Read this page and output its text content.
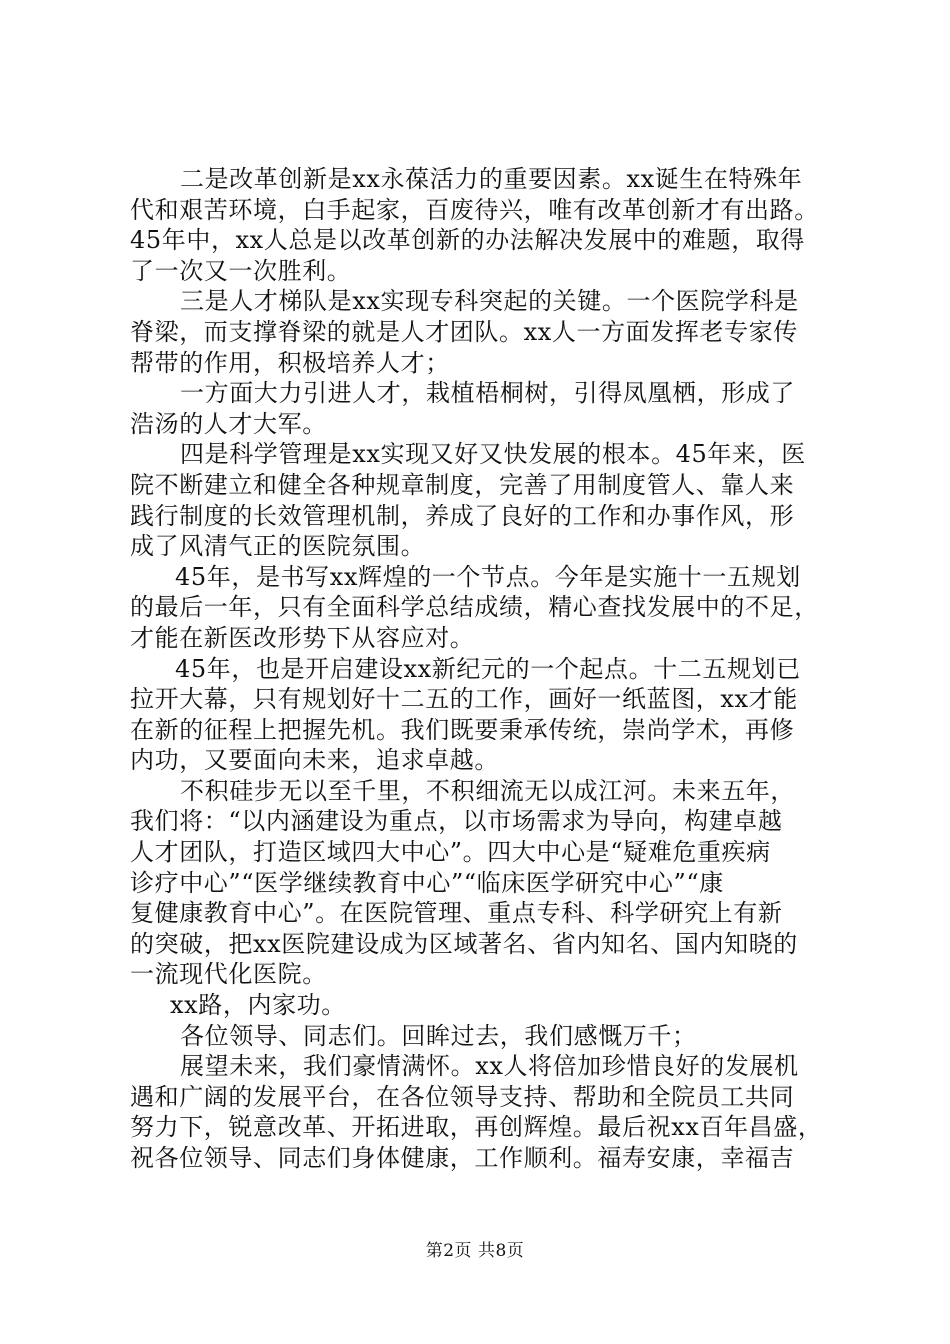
二是改革创新是xx永葆活力的重要因素。xx诞生在特殊年
代和艰苦环境，白手起家，百废待兴，唯有改革创新才有出路。
45年中，xx人总是以改革创新的办法解决发展中的难题，取得
了一次又一次胜利。
三是人才梯队是xx实现专科突起的关键。一个医院学科是
脊梁，而支撑脊梁的就是人才团队。xx人一方面发挥老专家传
帮带的作用，积极培养人才；
一方面大力引进人才，栽植梧桐树，引得凤凰栖，形成了
浩汤的人才大军。
四是科学管理是xx实现又好又快发展的根本。45年来，医
院不断建立和健全各种规章制度，完善了用制度管人、靠人来
践行制度的长效管理机制，养成了良好的工作和办事作风，形
成了风清气正的医院氛围。
45年，是书写xx辉煌的一个节点。今年是实施十一五规划
的最后一年，只有全面科学总结成绩，精心查找发展中的不足，
才能在新医改形势下从容应对。
45年，也是开启建设xx新纪元的一个起点。十二五规划已
拉开大幕，只有规划好十二五的工作，画好一纸蓝图，xx才能
在新的征程上把握先机。我们既要秉承传统，崇尚学术，再修
内功，又要面向未来，追求卓越。
不积硅步无以至千里，不积细流无以成江河。未来五年，
我们将：“以内涵建设为重点，以市场需求为导向，构建卓越
人才团队，打造区域四大中心”。四大中心是“疑难危重疾病
诊疗中心”“医学继续教育中心”“临床医学研究中心”“康
复健康教育中心”。在医院管理、重点专科、科学研究上有新
的突破，把xx医院建设成为区域著名、省内知名、国内知晓的
一流现代化医院。
xx路，内家功。
各位领导、同志们。回眸过去，我们感慨万千；
展望未来，我们豪情满怀。xx人将倍加珍惜良好的发展机
遇和广阔的发展平台，在各位领导支持、帮助和全院员工共同
努力下，锐意改革、开拓进取，再创辉煌。最后祝xx百年昌盛，
祝各位领导、同志们身体健康，工作顺利。福寿安康，幸福吉
第2页 共8页
